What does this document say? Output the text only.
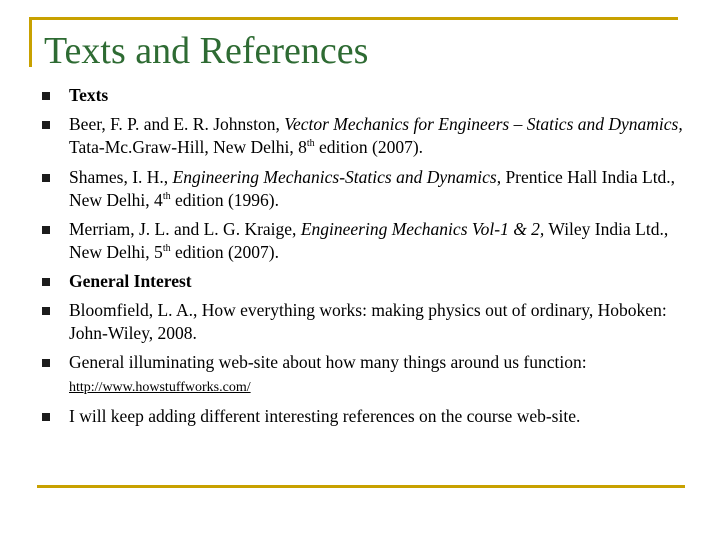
Texts and References
Texts
Beer, F. P. and E. R. Johnston, Vector Mechanics for Engineers – Statics and Dynamics, Tata-Mc.Graw-Hill, New Delhi, 8th edition (2007).
Shames, I. H., Engineering Mechanics-Statics and Dynamics, Prentice Hall India Ltd., New Delhi, 4th edition (1996).
Merriam, J. L. and L. G. Kraige, Engineering Mechanics Vol-1 & 2, Wiley India Ltd., New Delhi, 5th edition (2007).
General Interest
Bloomfield, L. A., How everything works: making physics out of ordinary, Hoboken: John-Wiley, 2008.
General illuminating web-site about how many things around us function:
http://www.howstuffworks.com/
I will keep adding different interesting references on the course web-site.
